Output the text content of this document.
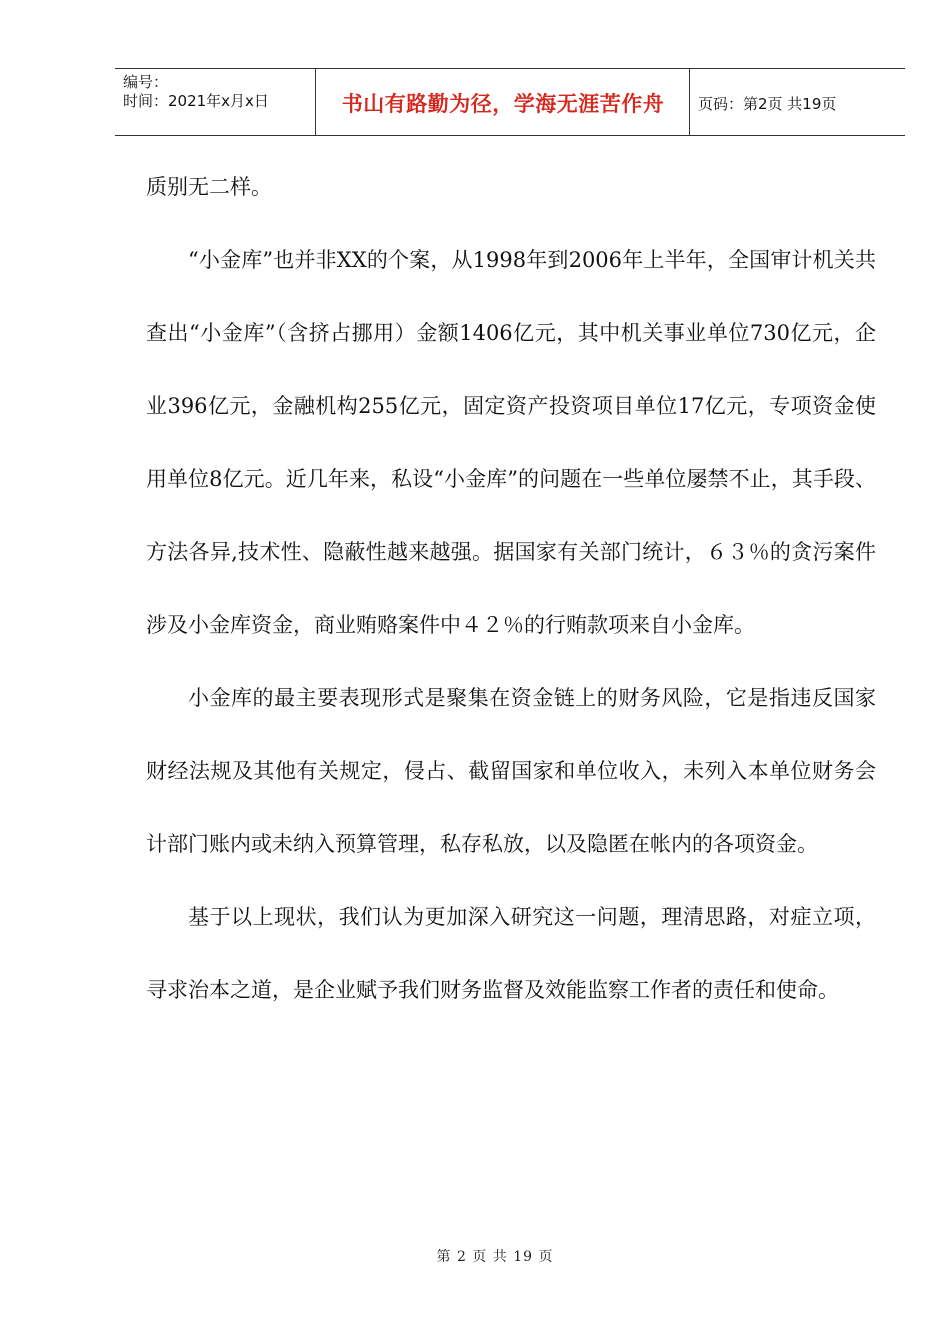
编号：
时间：2021年x月x日	书山有路勤为径，学海无涯苦作舟	页码：第2页 共19页

质别无二样。

“小金库”也并非XX的个案，从1998年到2006年上半年，全国审计机关共查出“小金库”（含挤占挪用）金额1406亿元，其中机关事业单位730亿元，企业396亿元，金融机构255亿元，固定资产投资项目单位17亿元，专项资金使用单位8亿元。近几年来，私设“小金库”的问题在一些单位屡禁不止，其手段、方法各异,技术性、隐蔽性越来越强。据国家有关部门统计，６３％的贪污案件涉及小金库资金，商业贿赂案件中４２％的行贿款项来自小金库。

小金库的最主要表现形式是聚集在资金链上的财务风险，它是指违反国家财经法规及其他有关规定，侵占、截留国家和单位收入，未列入本单位财务会计部门账内或未纳入预算管理，私存私放，以及隐匿在帐内的各项资金。

基于以上现状，我们认为更加深入研究这一问题，理清思路，对症立项，寻求治本之道，是企业赋予我们财务监督及效能监察工作者的责任和使命。

第 2 页 共 19 页
